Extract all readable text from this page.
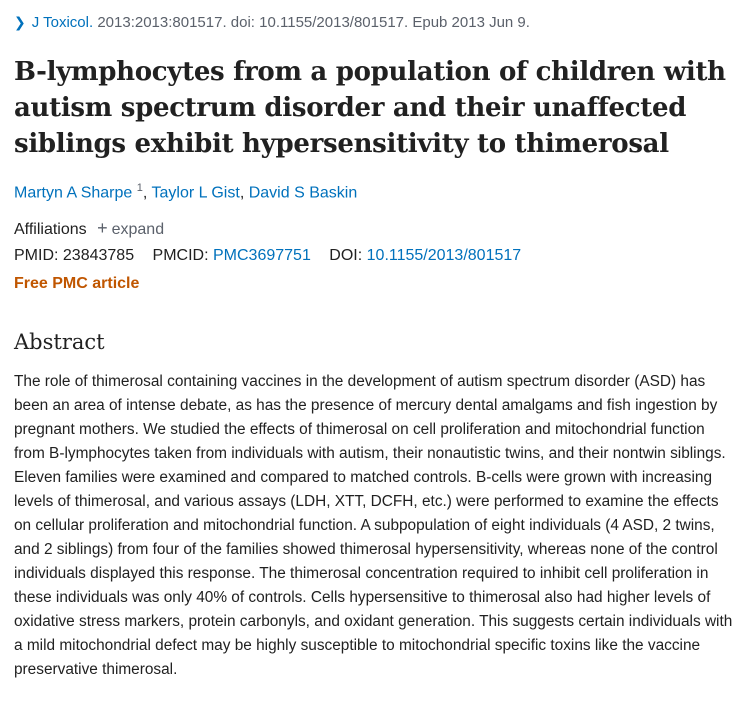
❯ J Toxicol. 2013:2013:801517. doi: 10.1155/2013/801517. Epub 2013 Jun 9.
B-lymphocytes from a population of children with autism spectrum disorder and their unaffected siblings exhibit hypersensitivity to thimerosal
Martyn A Sharpe $^1$, Taylor L Gist, David S Baskin
Affiliations + expand
PMID: 23843785 PMCID: PMC3697751 DOI: 10.1155/2013/801517
Free PMC article
Abstract

The role of thimerosal containing vaccines in the development of autism spectrum disorder (ASD) has been an area of intense debate, as has the presence of mercury dental amalgams and fish ingestion by pregnant mothers. We studied the effects of thimerosal on cell proliferation and mitochondrial function from B-lymphocytes taken from individuals with autism, their nonautistic twins, and their nontwin siblings. Eleven families were examined and compared to matched controls. B-cells were grown with increasing levels of thimerosal, and various assays (LDH, XTT, DCFH, etc.) were performed to examine the effects on cellular proliferation and mitochondrial function. A subpopulation of eight individuals (4 ASD, 2 twins, and 2 siblings) from four of the families showed thimerosal hypersensitivity, whereas none of the control individuals displayed this response. The thimerosal concentration required to inhibit cell proliferation in these individuals was only 40% of controls. Cells hypersensitive to thimerosal also had higher levels of oxidative stress markers, protein carbonyls, and oxidant generation. This suggests certain individuals with a mild mitochondrial defect may be highly susceptible to mitochondrial specific toxins like the vaccine preservative thimerosal.
